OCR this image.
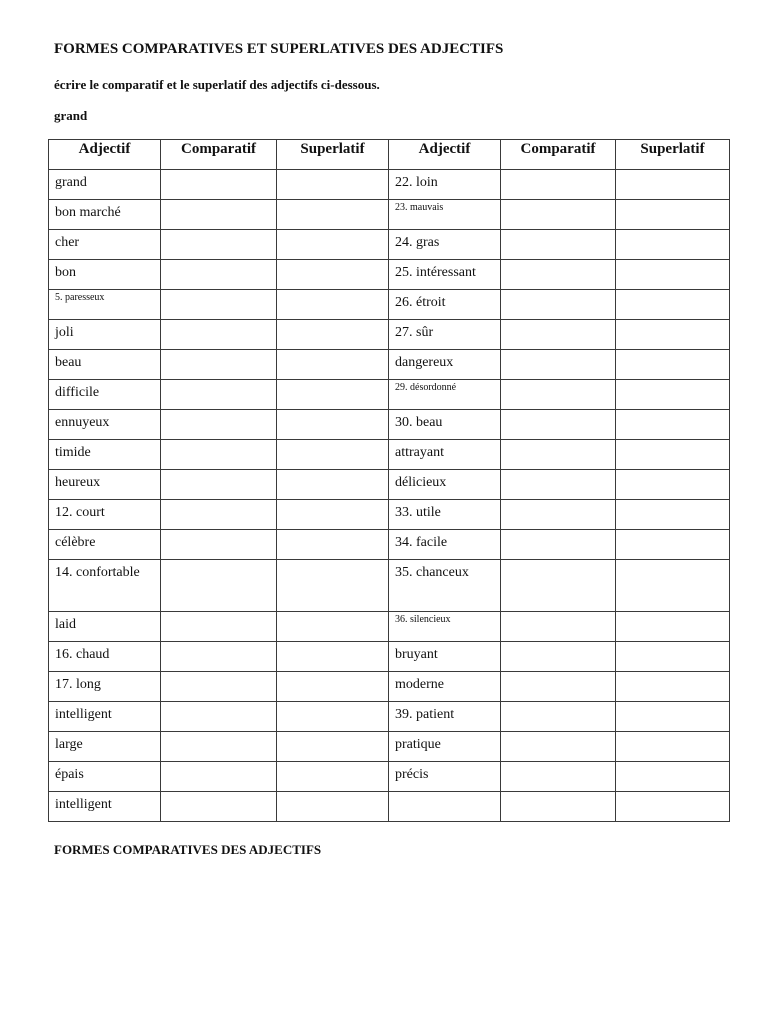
FORMES COMPARATIVES ET SUPERLATIVES DES ADJECTIFS

écrire le comparatif et le superlatif des adjectifs ci-dessous.

grand

Adjectif	Comparatif	Superlatif	Adjectif	Comparatif	Superlatif
grand			22. loin		
bon marché			23. mauvais		
cher			24. gras		
bon			25. intéressant		
5. paresseux			26. étroit		
joli			27. sûr		
beau			dangereux		
difficile			29. désordonné		
ennuyeux			30. beau		
timide			attrayant		
heureux			délicieux		
12. court			33. utile		
célèbre			34. facile		
14. confortable			35. chanceux		
laid			36. silencieux		
16. chaud			bruyant		
17. long			moderne		
intelligent			39. patient		
large			pratique		
épais			précis		
intelligent					

FORMES COMPARATIVES DES ADJECTIFS
